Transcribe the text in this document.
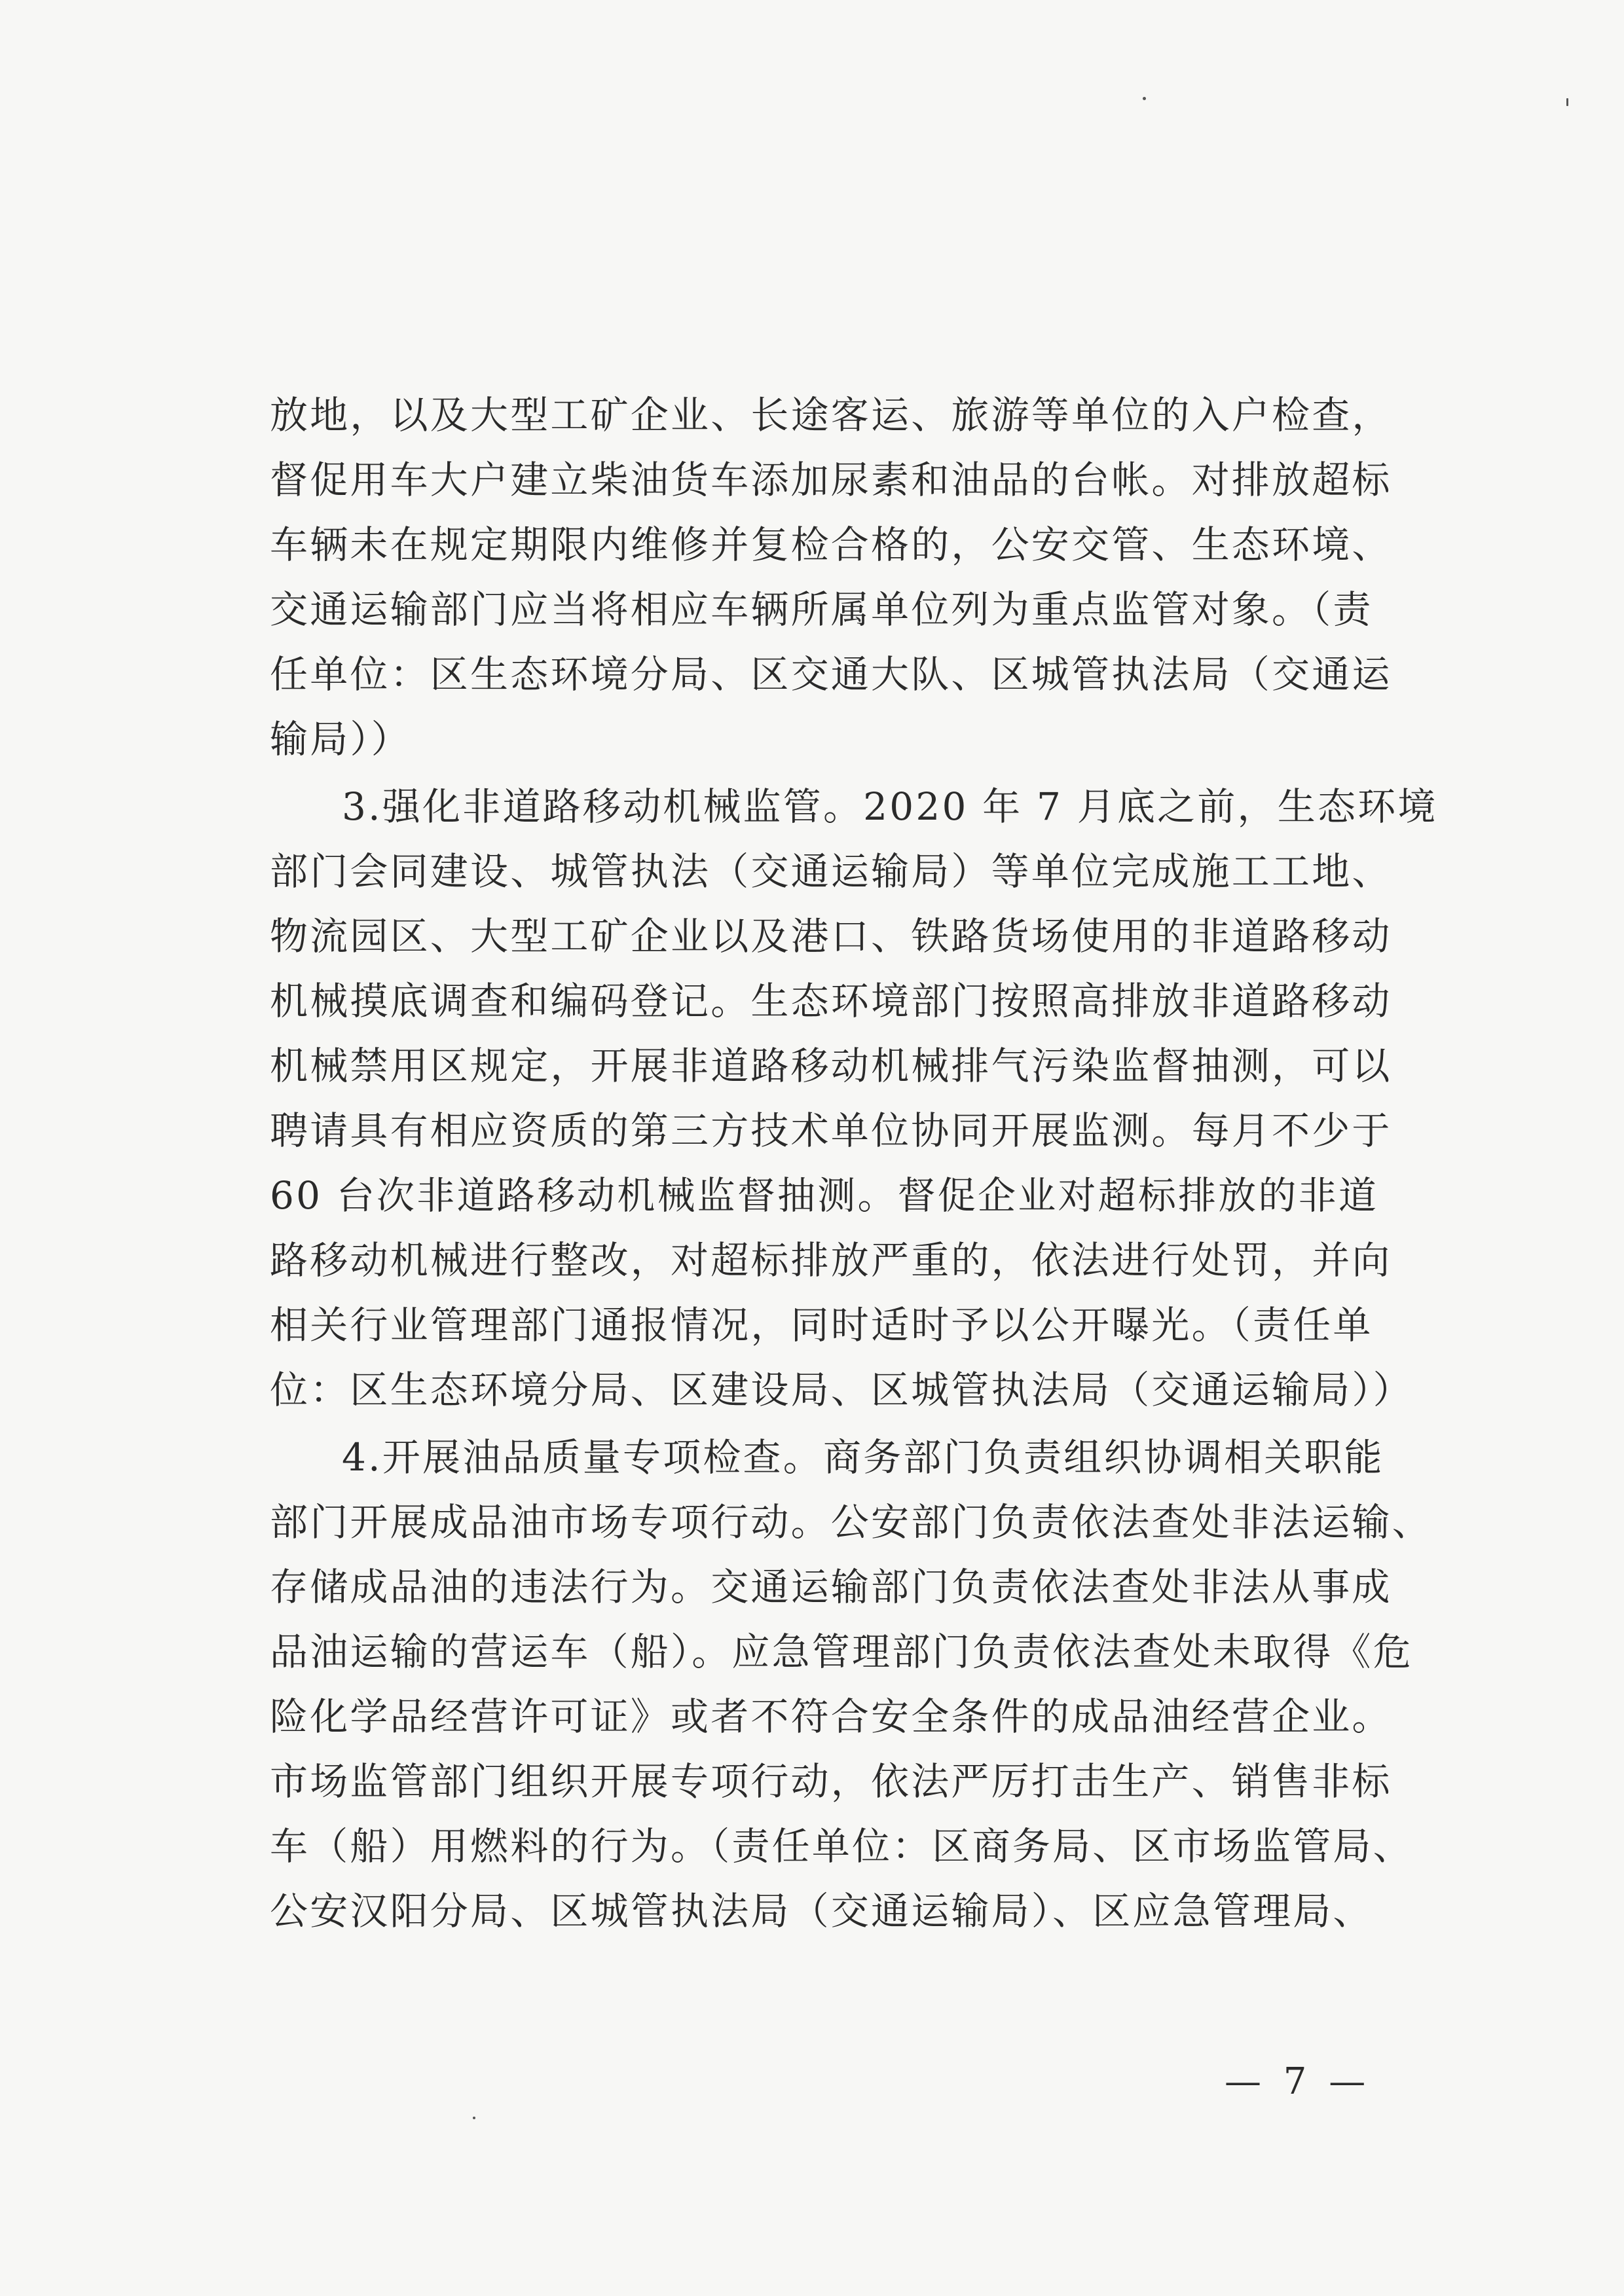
放地，以及大型工矿企业、长途客运、旅游等单位的入户检查，
督促用车大户建立柴油货车添加尿素和油品的台帐。对排放超标
车辆未在规定期限内维修并复检合格的，公安交管、生态环境、
交通运输部门应当将相应车辆所属单位列为重点监管对象。（责
任单位：区生态环境分局、区交通大队、区城管执法局（交通运
输局））
3.强化非道路移动机械监管。2020 年 7 月底之前，生态环境
部门会同建设、城管执法（交通运输局）等单位完成施工工地、
物流园区、大型工矿企业以及港口、铁路货场使用的非道路移动
机械摸底调查和编码登记。生态环境部门按照高排放非道路移动
机械禁用区规定，开展非道路移动机械排气污染监督抽测，可以
聘请具有相应资质的第三方技术单位协同开展监测。每月不少于
60 台次非道路移动机械监督抽测。督促企业对超标排放的非道
路移动机械进行整改，对超标排放严重的，依法进行处罚，并向
相关行业管理部门通报情况，同时适时予以公开曝光。（责任单
位：区生态环境分局、区建设局、区城管执法局（交通运输局））
4.开展油品质量专项检查。商务部门负责组织协调相关职能
部门开展成品油市场专项行动。公安部门负责依法查处非法运输、
存储成品油的违法行为。交通运输部门负责依法查处非法从事成
品油运输的营运车（船）。应急管理部门负责依法查处未取得《危
险化学品经营许可证》或者不符合安全条件的成品油经营企业。
市场监管部门组织开展专项行动，依法严厉打击生产、销售非标
车（船）用燃料的行为。（责任单位：区商务局、区市场监管局、
公安汉阳分局、区城管执法局（交通运输局）、区应急管理局、
— 7 —
